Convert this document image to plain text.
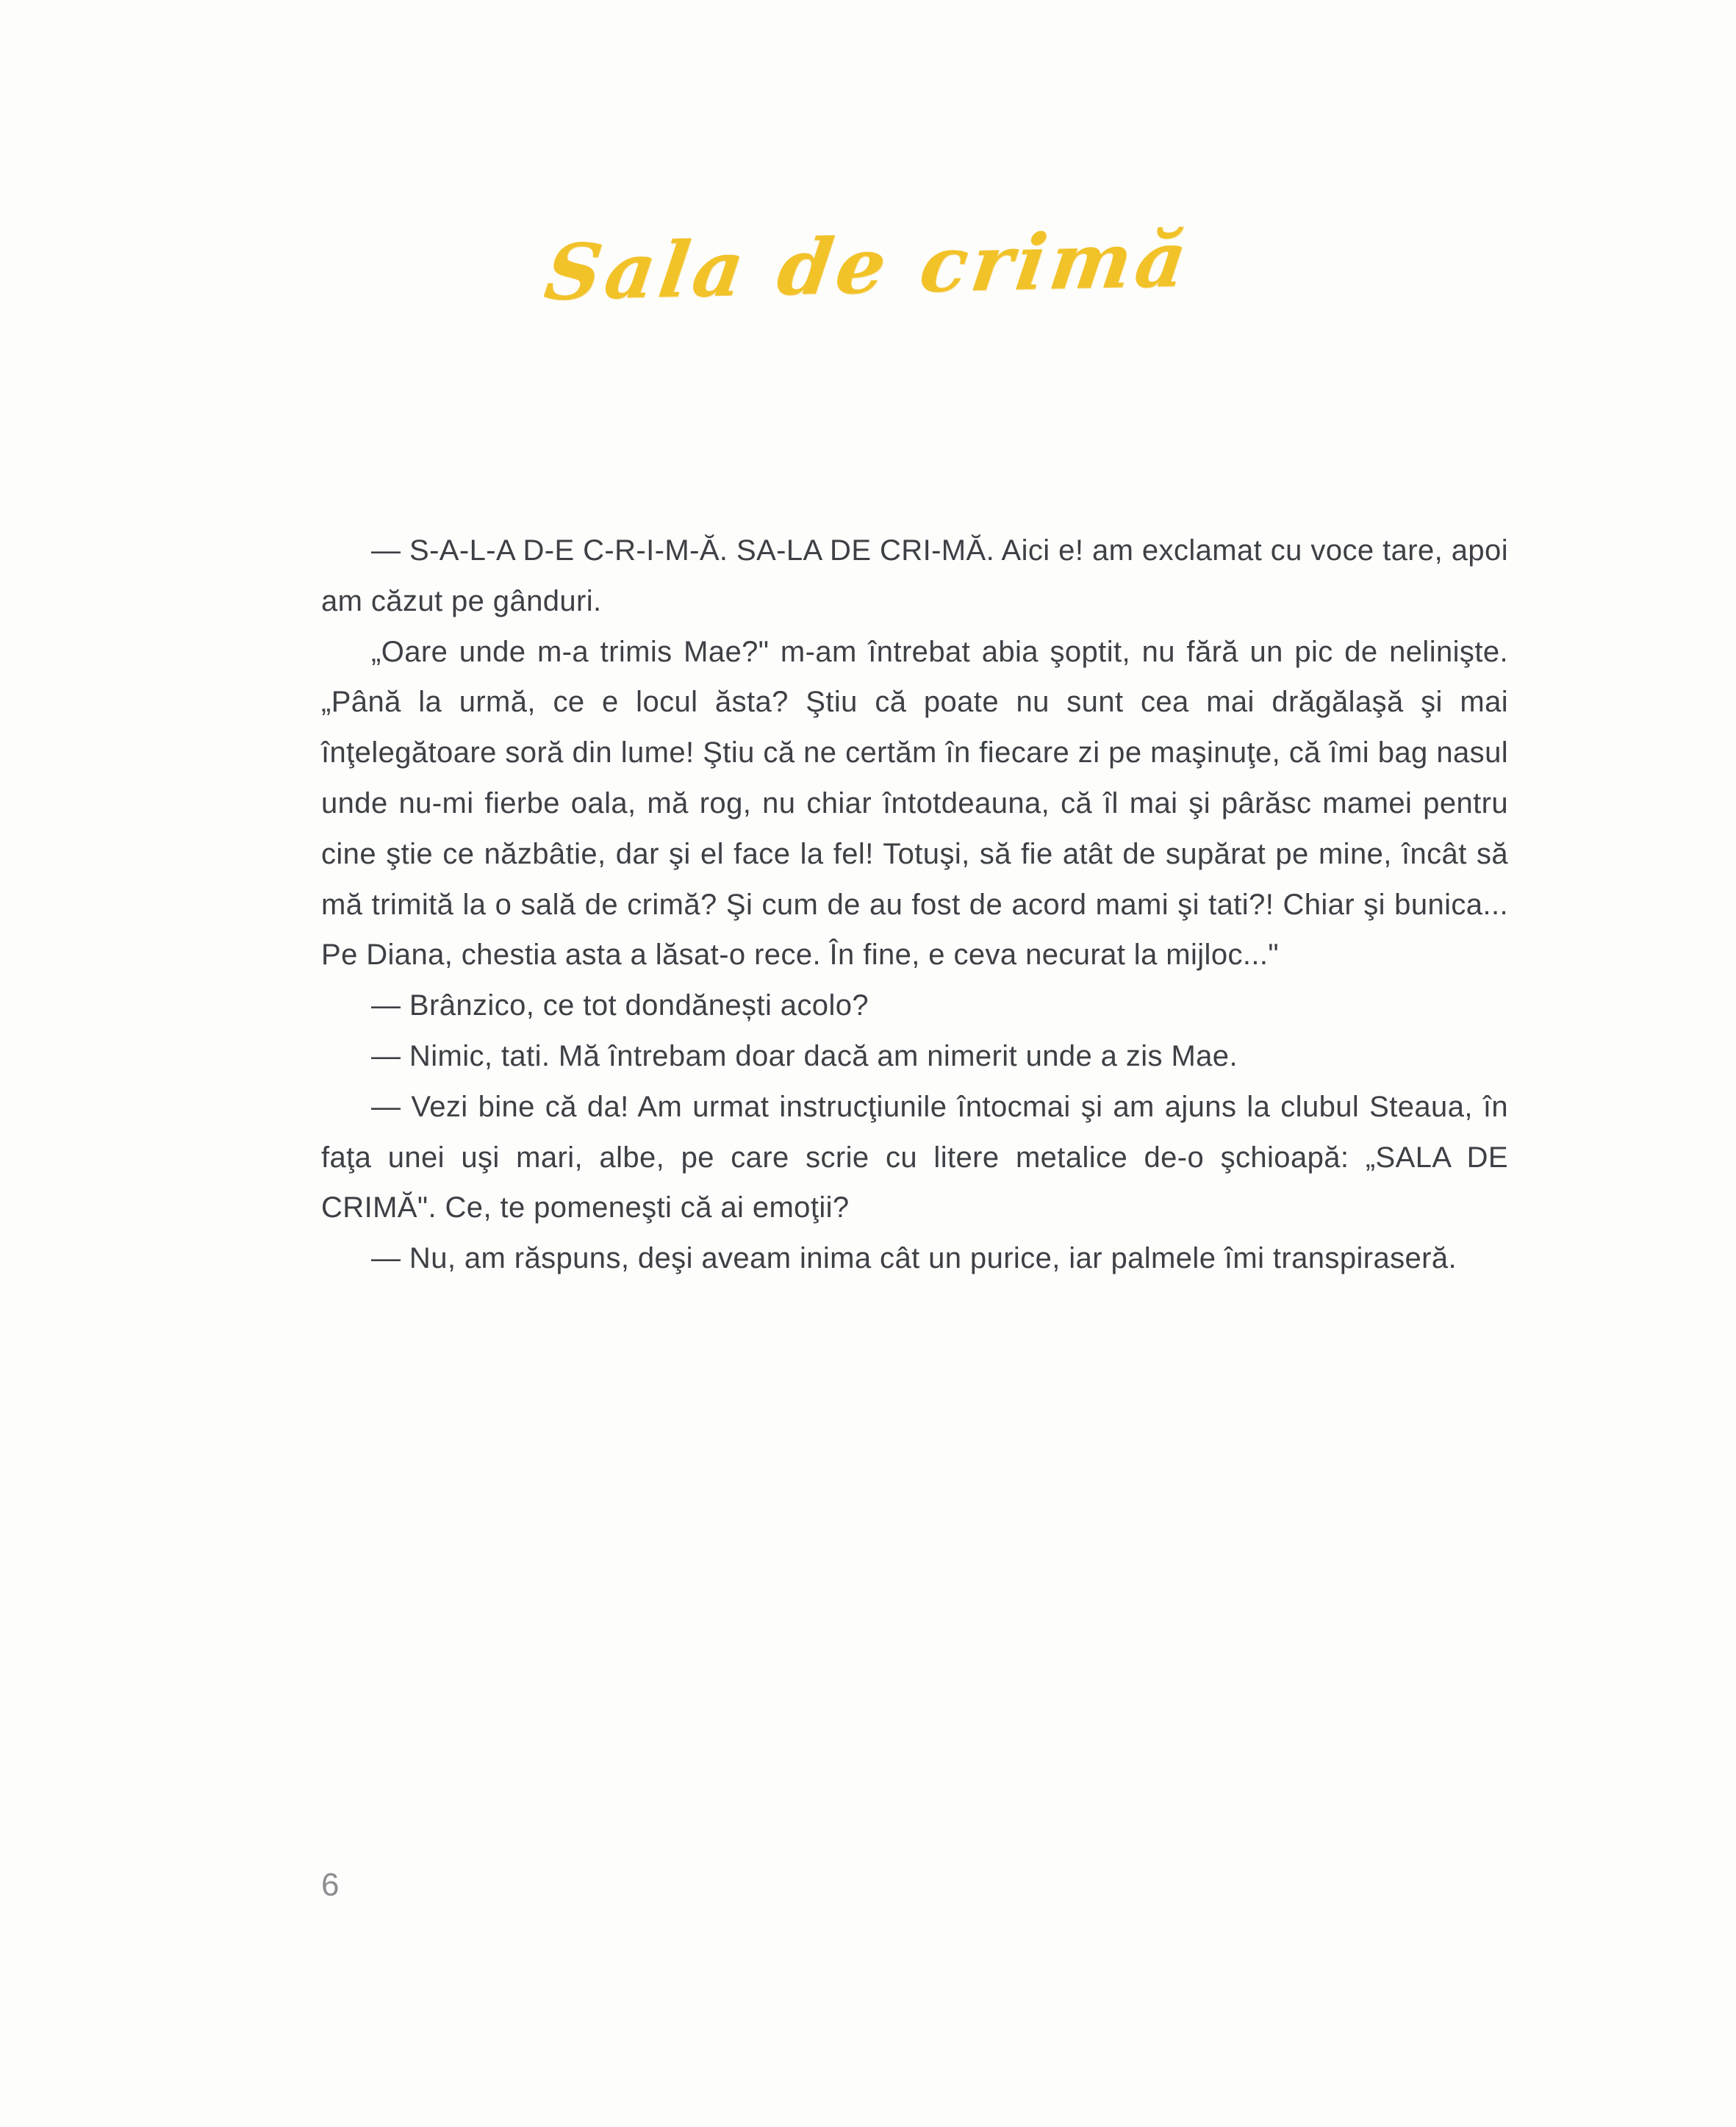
Sala de crimă

— S-A-L-A D-E C-R-I-M-Ă. SA-LA DE CRI-MĂ. Aici e! am exclamat cu voce tare, apoi am căzut pe gânduri.

„Oare unde m-a trimis Mae?" m-am întrebat abia şoptit, nu fără un pic de nelinişte. „Până la urmă, ce e locul ăsta? Ştiu că poate nu sunt cea mai drăgălaşă şi mai înţelegătoare soră din lume! Ştiu că ne certăm în fiecare zi pe maşinuţe, că îmi bag nasul unde nu-mi fierbe oala, mă rog, nu chiar întotdeauna, că îl mai şi pârăsc mamei pentru cine ştie ce năzbâtie, dar şi el face la fel! Totuşi, să fie atât de supărat pe mine, încât să mă trimită la o sală de crimă? Şi cum de au fost de acord mami şi tati?! Chiar şi bunica... Pe Diana, chestia asta a lăsat-o rece. În fine, e ceva necurat la mijloc..."

— Brânzico, ce tot dondănești acolo?

— Nimic, tati. Mă întrebam doar dacă am nimerit unde a zis Mae.

— Vezi bine că da! Am urmat instrucţiunile întocmai şi am ajuns la clubul Steaua, în faţa unei uşi mari, albe, pe care scrie cu litere metalice de-o şchioapă: „SALA DE CRIMĂ". Ce, te pomeneşti că ai emoţii?

— Nu, am răspuns, deşi aveam inima cât un purice, iar palmele îmi transpiraseră.

6
